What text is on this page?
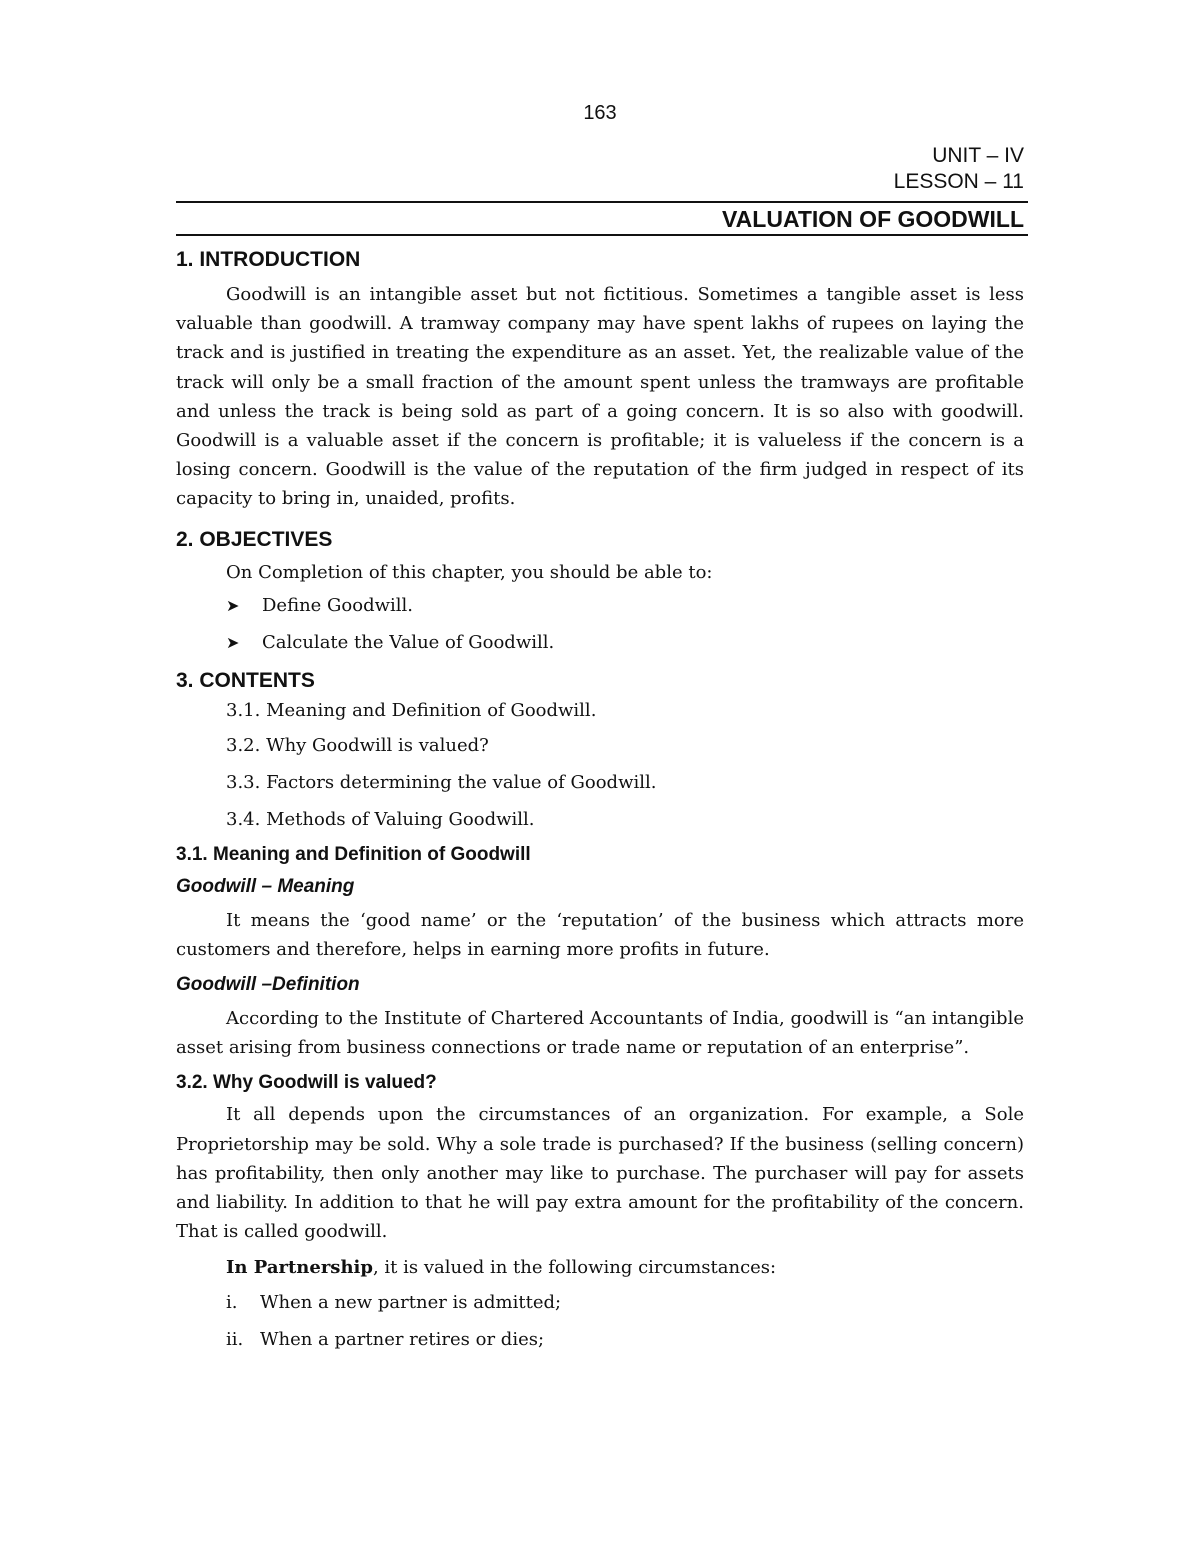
163
UNIT – IV
LESSON – 11
VALUATION OF GOODWILL
1. INTRODUCTION

Goodwill is an intangible asset but not fictitious. Sometimes a tangible asset is less valuable than goodwill. A tramway company may have spent lakhs of rupees on laying the track and is justified in treating the expenditure as an asset. Yet, the realizable value of the track will only be a small fraction of the amount spent unless the tramways are profitable and unless the track is being sold as part of a going concern. It is so also with goodwill. Goodwill is a valuable asset if the concern is profitable; it is valueless if the concern is a losing concern. Goodwill is the value of the reputation of the firm judged in respect of its capacity to bring in, unaided, profits.

2. OBJECTIVES
On Completion of this chapter, you should be able to:
➤ Define Goodwill.
➤ Calculate the Value of Goodwill.
3. CONTENTS
3.1. Meaning and Definition of Goodwill.
3.2. Why Goodwill is valued?
3.3. Factors determining the value of Goodwill.
3.4. Methods of Valuing Goodwill.
3.1. Meaning and Definition of Goodwill
Goodwill – Meaning

It means the ‘good name’ or the ‘reputation’ of the business which attracts more customers and therefore, helps in earning more profits in future.

Goodwill –Definition

According to the Institute of Chartered Accountants of India, goodwill is “an intangible asset arising from business connections or trade name or reputation of an enterprise”.

3.2. Why Goodwill is valued?

It all depends upon the circumstances of an organization. For example, a Sole Proprietorship may be sold. Why a sole trade is purchased? If the business (selling concern) has profitability, then only another may like to purchase. The purchaser will pay for assets and liability. In addition to that he will pay extra amount for the profitability of the concern. That is called goodwill.

In Partnership, it is valued in the following circumstances:
i. When a new partner is admitted;
ii. When a partner retires or dies;
